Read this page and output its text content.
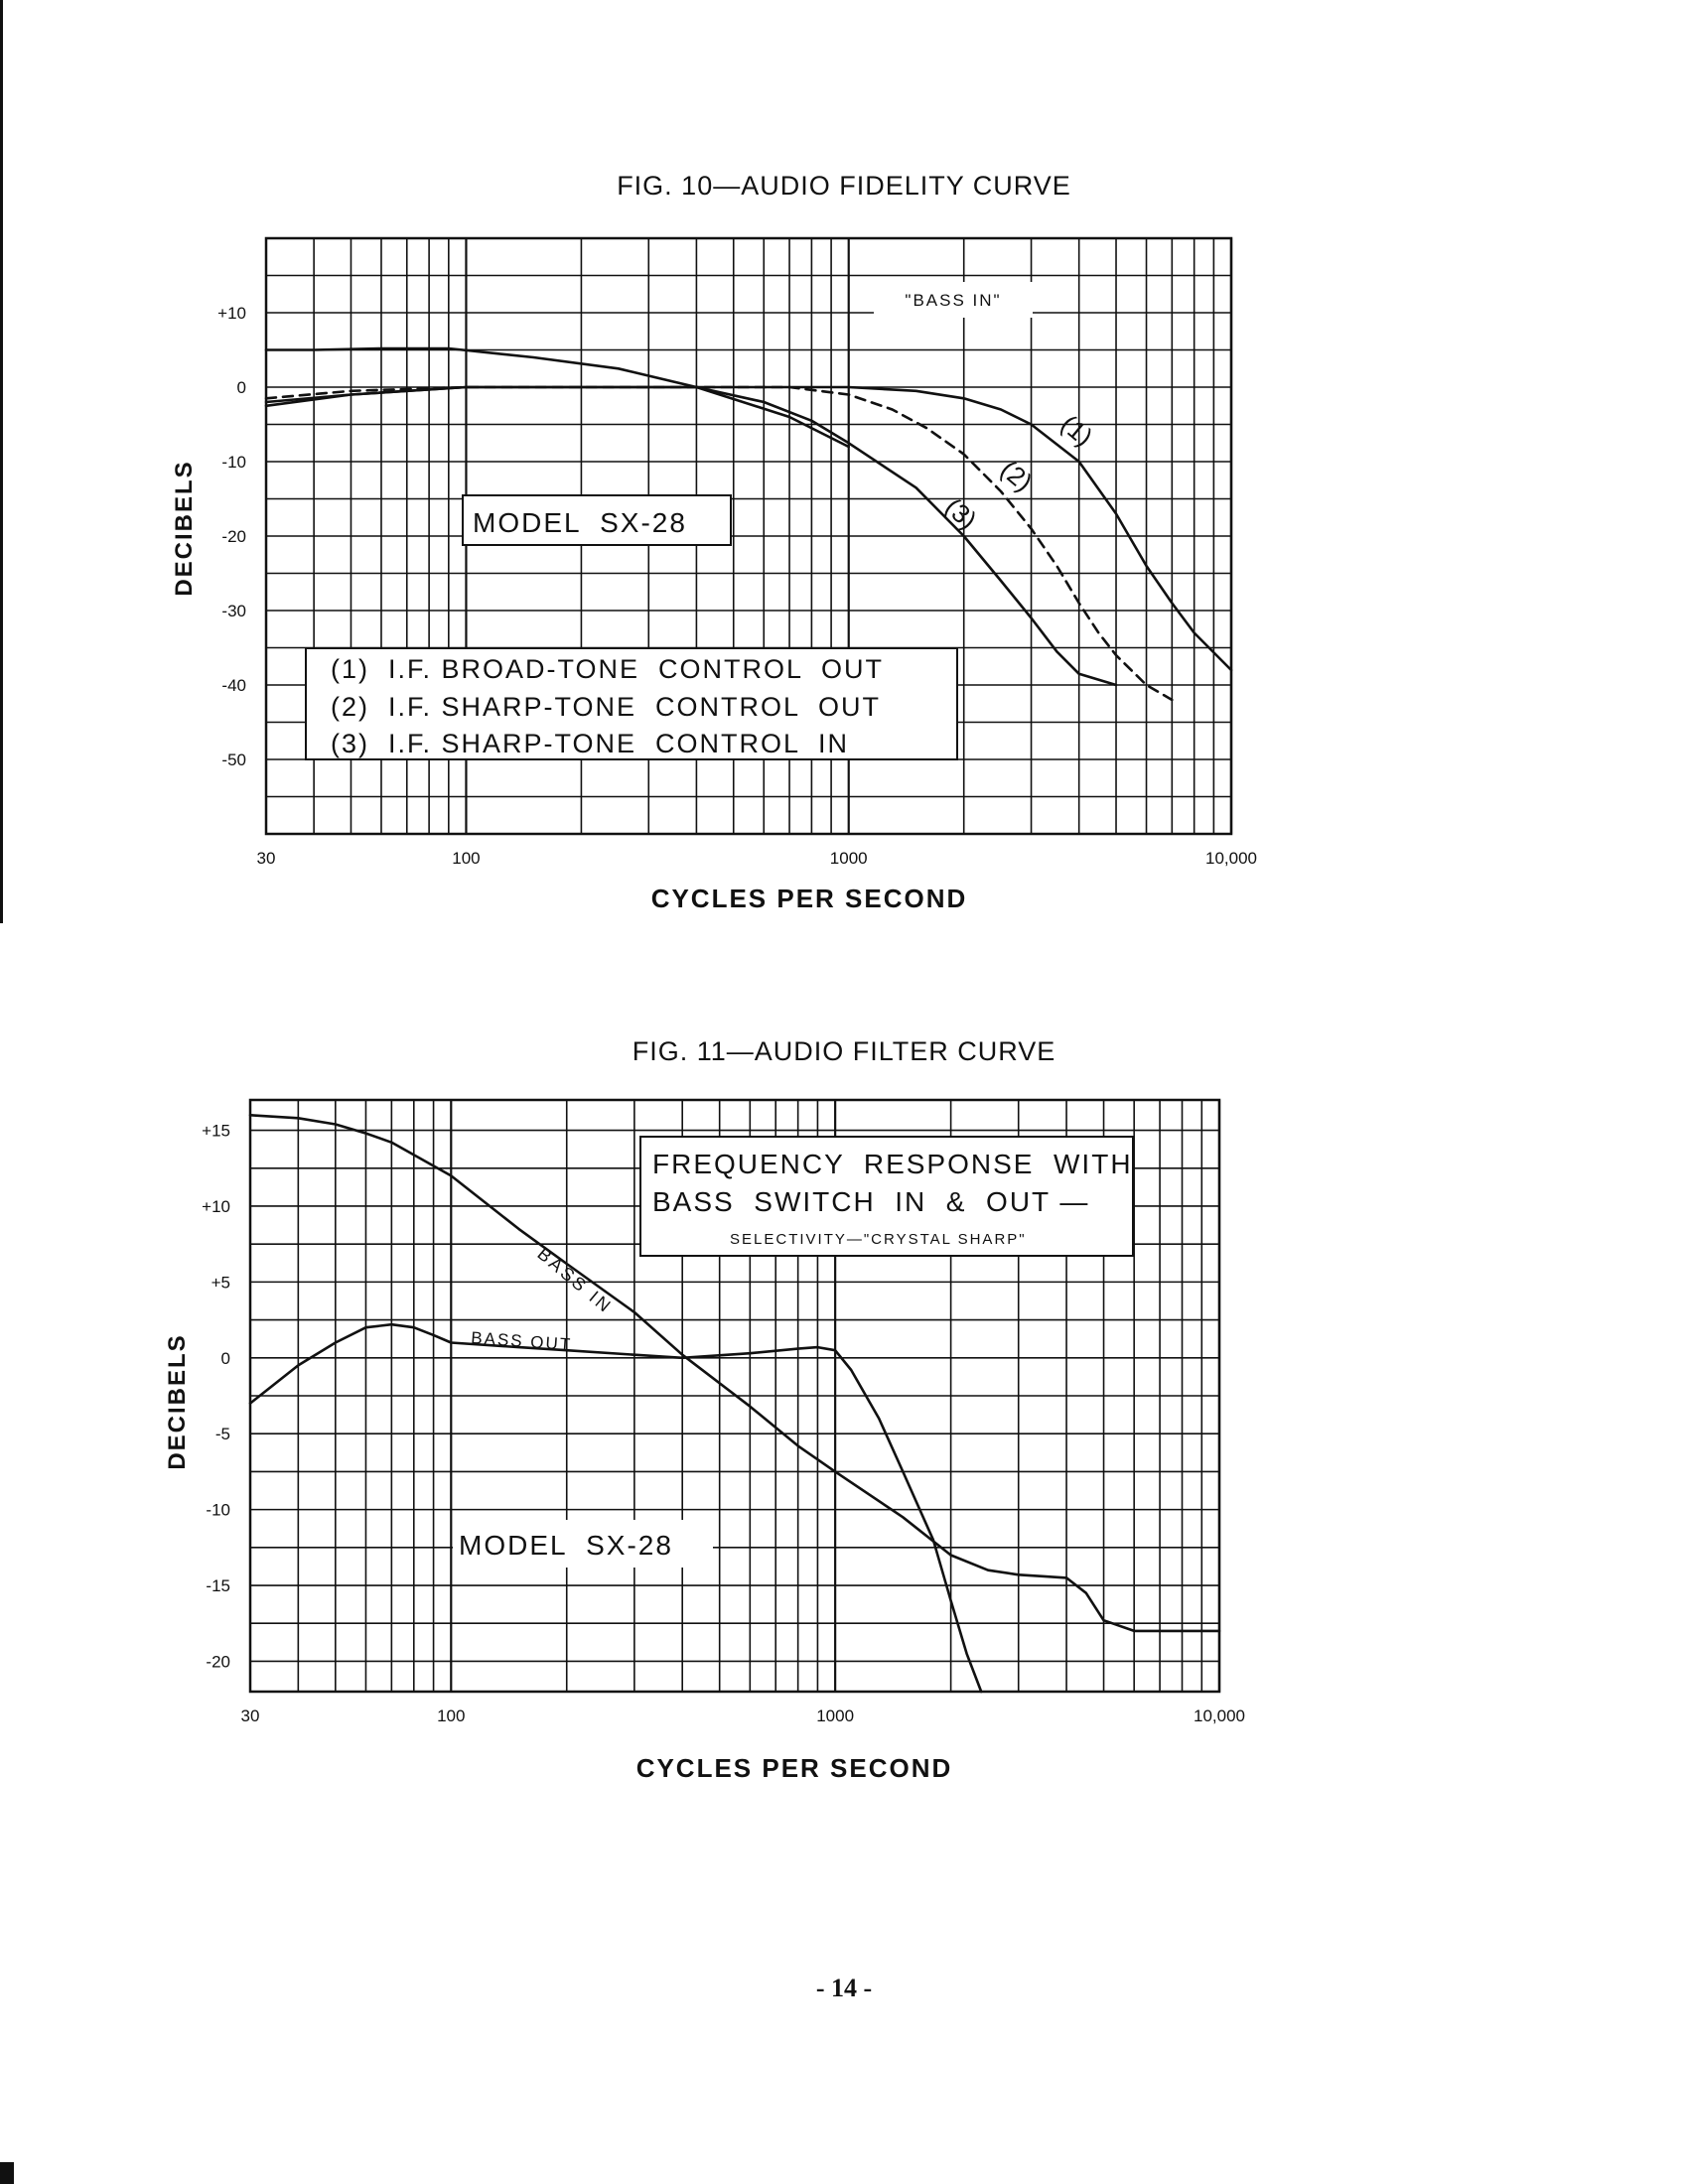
FIG. 10—AUDIO FIDELITY CURVE
30	100	1000	10,000
+10
0
-10
-20
-30
-40
-50
DECIBELS
CYCLES PER SECOND
"BASS IN"
(1)
(2)
(3)
MODEL  SX-28
(1)  I.F. BROAD-TONE  CONTROL  OUT
(2)  I.F. SHARP-TONE  CONTROL  OUT
(3)  I.F. SHARP-TONE  CONTROL  IN
FIG. 11—AUDIO FILTER CURVE
30	100	1000	10,000
+15
+10
+5
0
-5
-10
-15
-20
DECIBELS
CYCLES PER SECOND
FREQUENCY  RESPONSE  WITH
BASS  SWITCH  IN  &  OUT —
SELECTIVITY—"CRYSTAL SHARP"
BASS IN
BASS OUT
MODEL  SX-28
- 14 -
